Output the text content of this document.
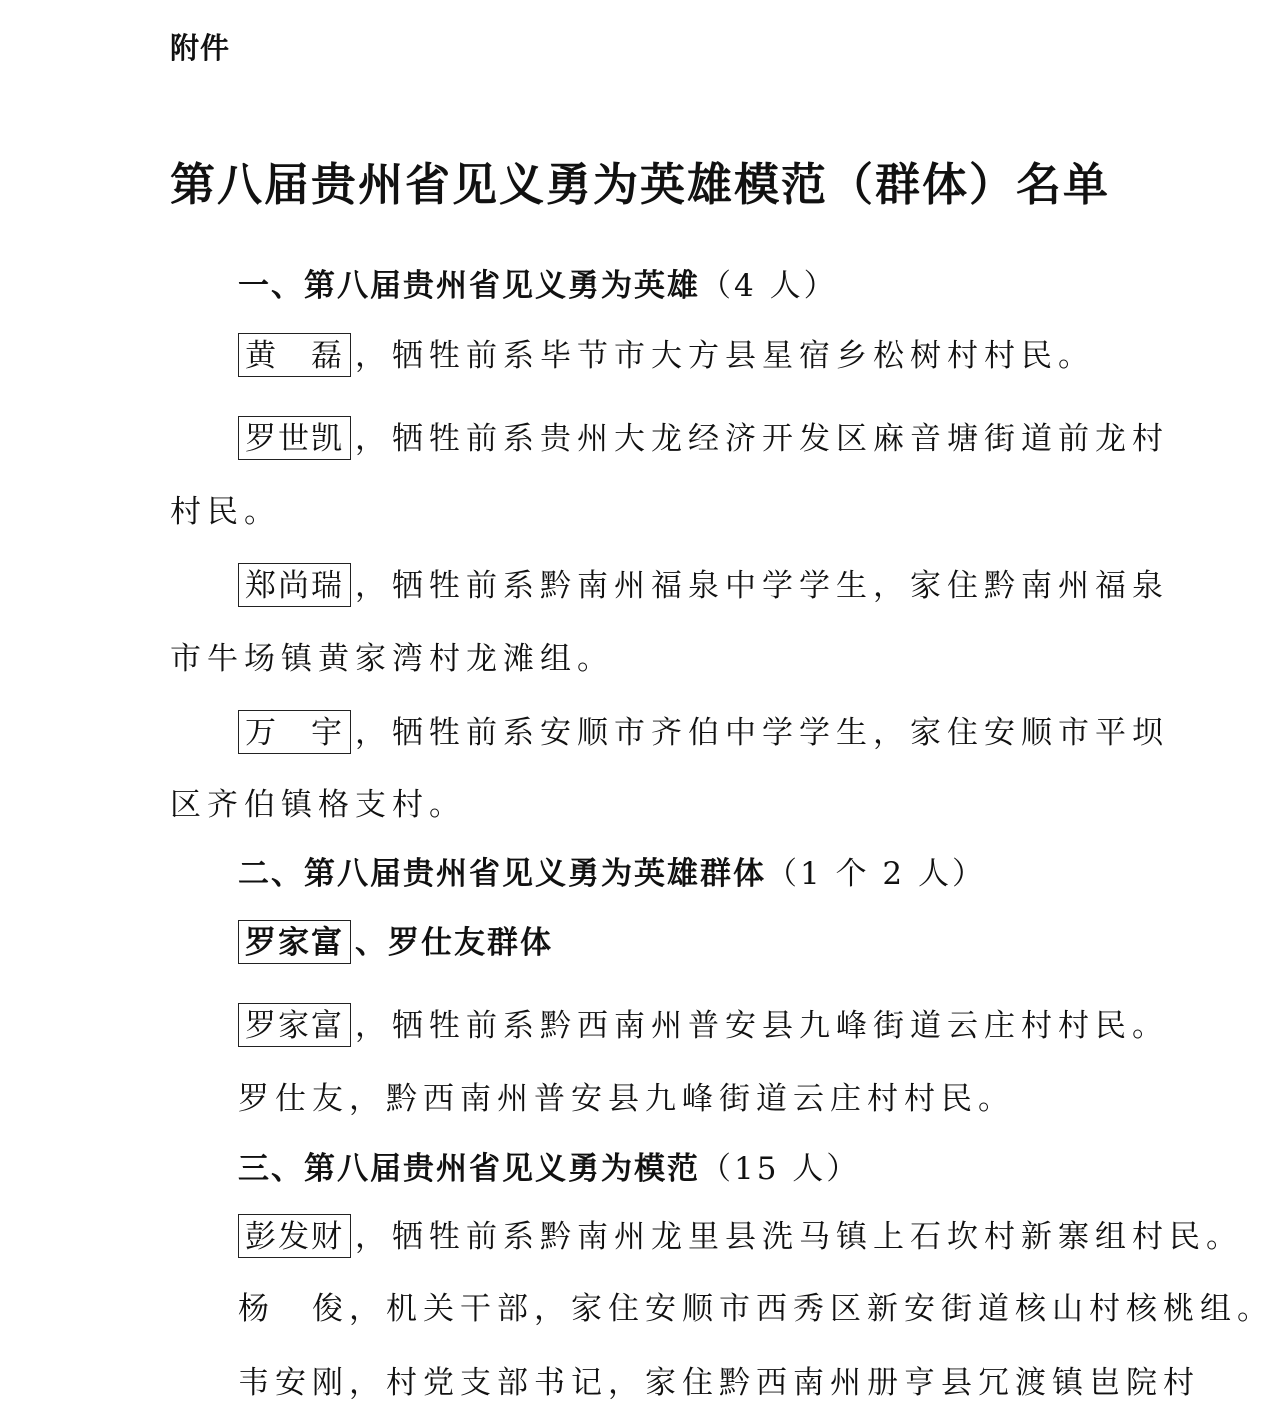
附件
第八届贵州省见义勇为英雄模范（群体）名单
一、第八届贵州省见义勇为英雄（4 人）
黄　磊 ，牺牲前系毕节市大方县星宿乡松树村村民。
罗世凯 ，牺牲前系贵州大龙经济开发区麻音塘街道前龙村
村民。
郑尚瑞 ，牺牲前系黔南州福泉中学学生，家住黔南州福泉
市牛场镇黄家湾村龙滩组。
万　宇 ，牺牲前系安顺市齐伯中学学生，家住安顺市平坝
区齐伯镇格支村。
二、第八届贵州省见义勇为英雄群体（1 个 2 人）
罗家富 、罗仕友群体
罗家富 ，牺牲前系黔西南州普安县九峰街道云庄村村民。
罗仕友，黔西南州普安县九峰街道云庄村村民。
三、第八届贵州省见义勇为模范（15 人）
彭发财 ，牺牲前系黔南州龙里县洗马镇上石坎村新寨组村民。
杨　俊，机关干部，家住安顺市西秀区新安街道核山村核桃组。
韦安刚，村党支部书记，家住黔西南州册亨县冗渡镇岜院村
